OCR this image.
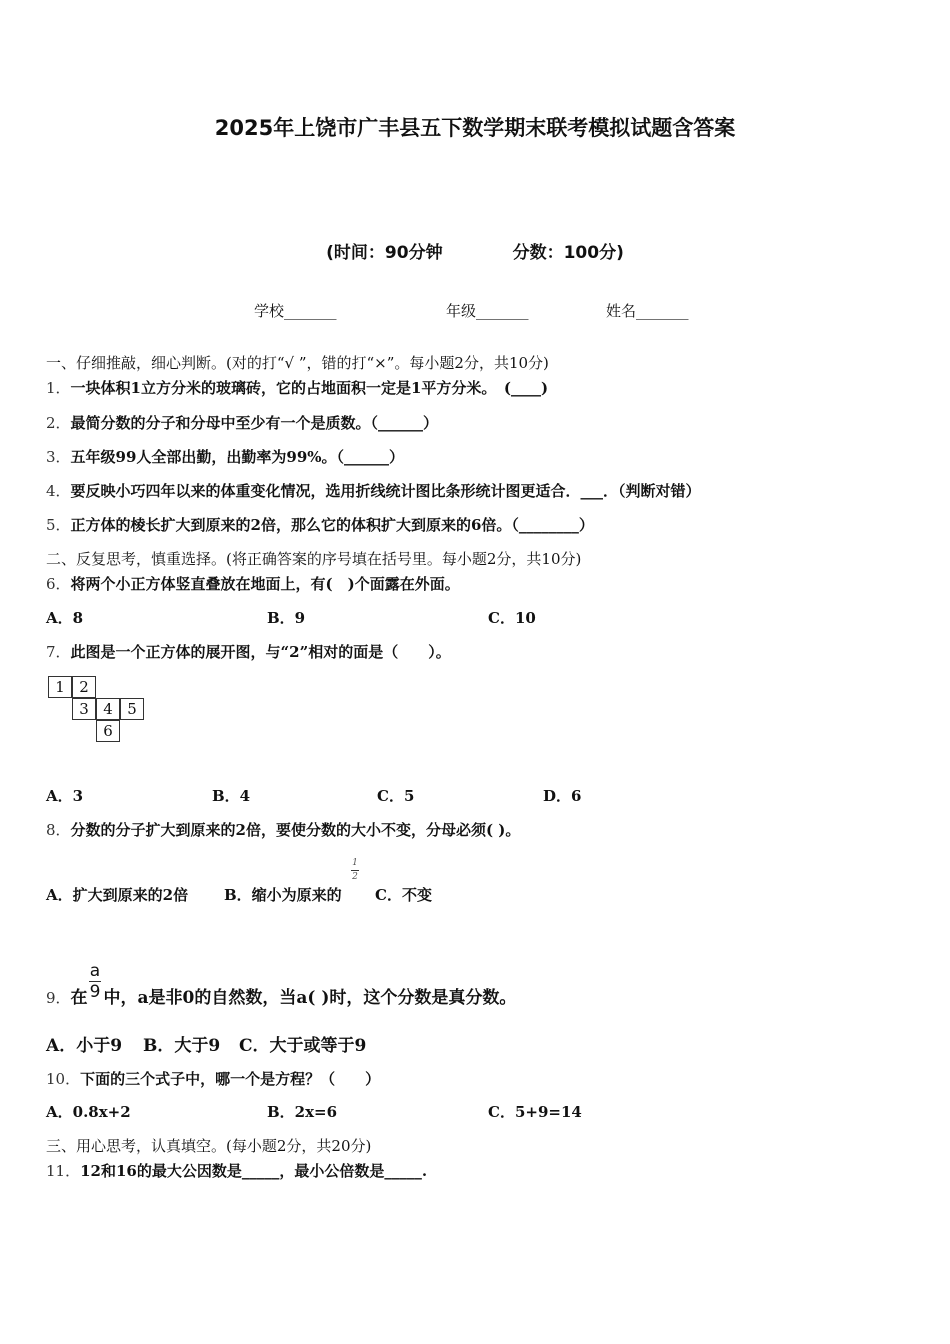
2025年上饶市广丰县五下数学期末联考模拟试题含答案
(时间：90分钟	分数：100分)
学校_______	年级_______	姓名_______
一、仔细推敲，细心判断。(对的打“√ ”，错的打“×”。每小题2分，共10分)
1．一块体积1立方分米的玻璃砖，它的占地面积一定是1平方分米。　(____)
2．最简分数的分子和分母中至少有一个是质数。（______）
3．五年级99人全部出勤，出勤率为99%。（______）
4．要反映小巧四年以来的体重变化情况，选用折线统计图比条形统计图更适合．___．（判断对错）
5．正方体的棱长扩大到原来的2倍，那么它的体积扩大到原来的6倍。（________）
二、反复思考，慎重选择。(将正确答案的序号填在括号里。每小题2分，共10分)
6．将两个小正方体竖直叠放在地面上，有(　)个面露在外面。
A．8	B．9	C．10
7．此图是一个正方体的展开图，与“2”相对的面是（　　）。
1 2
3 4 5
6
A．3	B．4	C．5	D．6
8．分数的分子扩大到原来的2倍，要使分数的大小不变，分母必须( )。
A．扩大到原来的2倍 B．缩小为原来的
1
2
C．不变
9．在 中，a是非0的自然数，当a( )时，这个分数是真分数。
a
9
A．小于9 B．大于9 C．大于或等于9
10．下面的三个式子中，哪一个是方程？（　　）
A．0.8x+2	B．2x=6	C．5+9=14
三、用心思考，认真填空。(每小题2分，共20分)
11．12和16的最大公因数是_____，最小公倍数是_____.
